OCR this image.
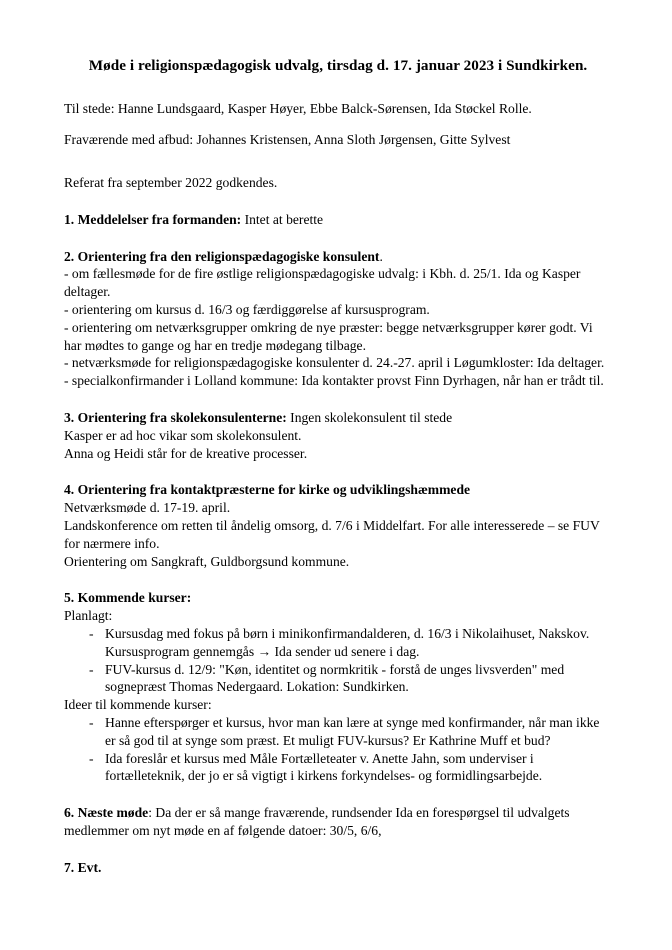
Møde i religionspædagogisk udvalg, tirsdag d. 17. januar 2023 i Sundkirken.

Til stede: Hanne Lundsgaard, Kasper Høyer, Ebbe Balck-Sørensen, Ida Støckel Rolle.

Fraværende med afbud: Johannes Kristensen, Anna Sloth Jørgensen, Gitte Sylvest

Referat fra september 2022 godkendes.

1. Meddelelser fra formanden: Intet at berette

2. Orientering fra den religionspædagogiske konsulent.

- om fællesmøde for de fire østlige religionspædagogiske udvalg: i Kbh. d. 25/1. Ida og Kasper deltager.

- orientering om kursus d. 16/3 og færdiggørelse af kursusprogram.

- orientering om netværksgrupper omkring de nye præster: begge netværksgrupper kører godt. Vi har mødtes to gange og har en tredje mødegang tilbage.

- netværksmøde for religionspædagogiske konsulenter d. 24.-27. april i Løgumkloster: Ida deltager.

- specialkonfirmander i Lolland kommune: Ida kontakter provst Finn Dyrhagen, når han er trådt til.

3. Orientering fra skolekonsulenterne: Ingen skolekonsulent til stede

Kasper er ad hoc vikar som skolekonsulent.

Anna og Heidi står for de kreative processer.

4. Orientering fra kontaktpræsterne for kirke og udviklingshæmmede

Netværksmøde d. 17-19. april.

Landskonference om retten til åndelig omsorg, d. 7/6 i Middelfart. For alle interesserede – se FUV for nærmere info.

Orientering om Sangkraft, Guldborgsund kommune.

5. Kommende kurser:

Planlagt:

- Kursusdag med fokus på børn i minikonfirmandalderen, d. 16/3 i Nikolaihuset, Nakskov. Kursusprogram gennemgås → Ida sender ud senere i dag.
- FUV-kursus d. 12/9: "Køn, identitet og normkritik - forstå de unges livsverden" med sognepræst Thomas Nedergaard. Lokation: Sundkirken.

Ideer til kommende kurser:

- Hanne efterspørger et kursus, hvor man kan lære at synge med konfirmander, når man ikke er så god til at synge som præst. Et muligt FUV-kursus? Er Kathrine Muff et bud?
- Ida foreslår et kursus med Måle Fortælleteater v. Anette Jahn, som underviser i fortælleteknik, der jo er så vigtigt i kirkens forkyndelses- og formidlingsarbejde.

6. Næste møde: Da der er så mange fraværende, rundsender Ida en forespørgsel til udvalgets medlemmer om nyt møde en af følgende datoer: 30/5, 6/6,

7. Evt.
